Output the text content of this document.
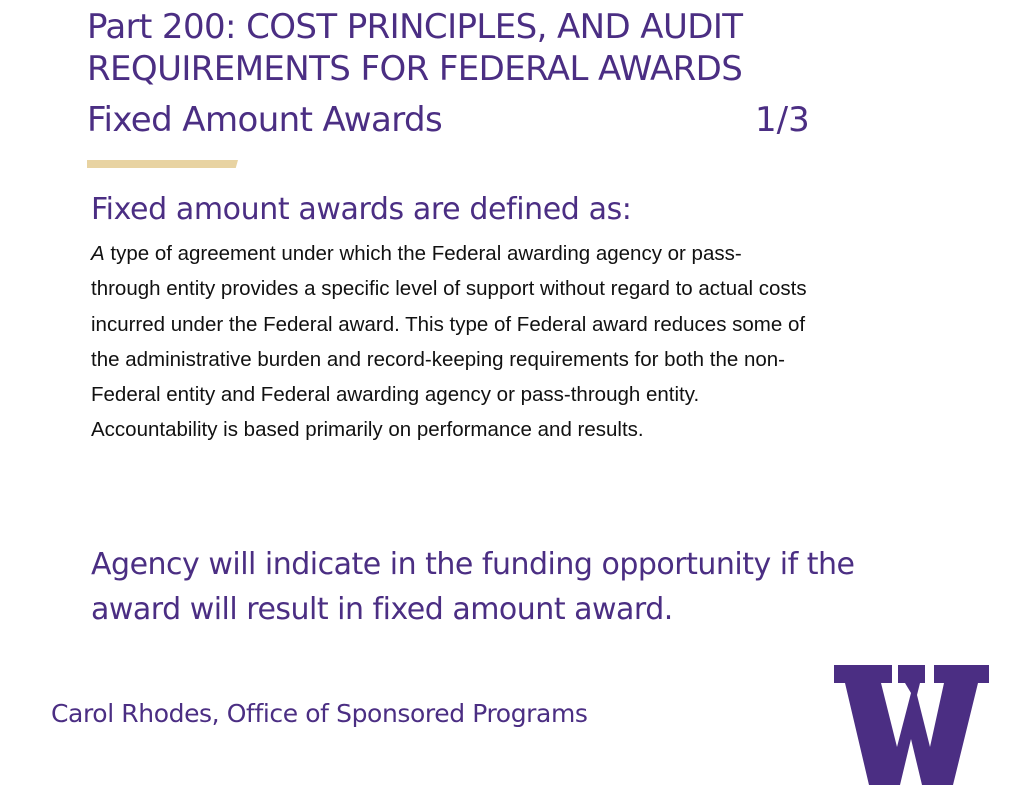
Part 200: COST PRINCIPLES, AND AUDIT
REQUIREMENTS FOR FEDERAL AWARDS
Fixed Amount Awards	1/3
Fixed amount awards are defined as:
A type of agreement under which the Federal awarding agency or pass-
through entity provides a specific level of support without regard to actual costs
incurred under the Federal award. This type of Federal award reduces some of
the administrative burden and record-keeping requirements for both the non-
Federal entity and Federal awarding agency or pass-through entity.
Accountability is based primarily on performance and results.
Agency will indicate in the funding opportunity if the
award will result in fixed amount award.
Carol Rhodes, Office of Sponsored Programs
